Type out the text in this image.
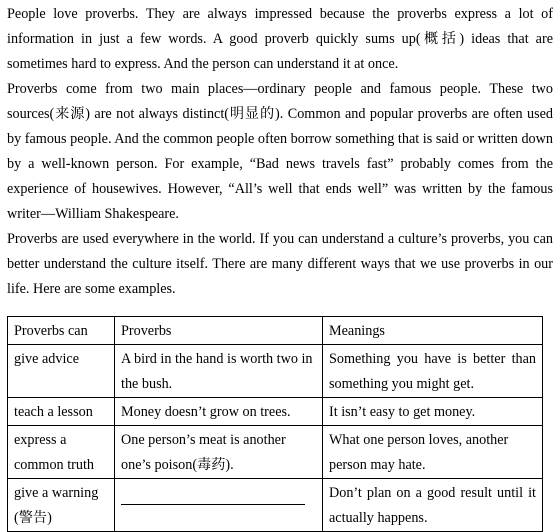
People love proverbs. They are always impressed because the proverbs express a lot of information in just a few words. A good proverb quickly sums up(概括) ideas that are sometimes hard to express. And the person can understand it at once.

Proverbs come from two main places—ordinary people and famous people. These two sources(来源) are not always distinct(明显的). Common and popular proverbs are often used by famous people. And the common people often borrow something that is said or written down by a well-known person. For example, “Bad news travels fast” probably comes from the experience of housewives. However, “All’s well that ends well” was written by the famous writer—William Shakespeare.

Proverbs are used everywhere in the world. If you can understand a culture’s proverbs, you can better understand the culture itself. There are many different ways that we use proverbs in our life. Here are some examples.

Proverbs can	Proverbs	Meanings
give advice	A bird in the hand is worth two in the bush.	Something you have is better than something you might get.
teach a lesson	Money doesn’t grow on trees.	It isn’t easy to get money.
express a common truth	One person’s meat is another one’s poison(毒药).	What one person loves, another person may hate.
give a warning (警告)		Don’t plan on a good result until it actually happens.
